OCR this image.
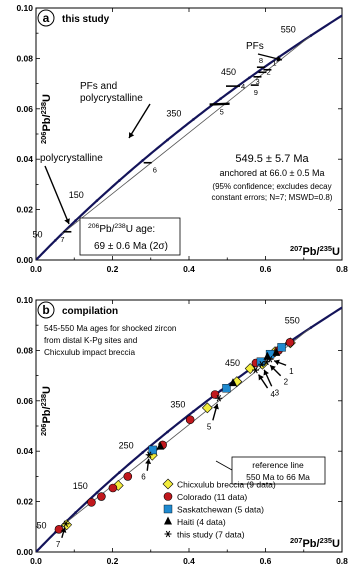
0.0	0.2	0.4	0.6	0.8
0.00
0.02
0.04
0.06
0.08
0.10
$^{207}$Pb/$^{235}$U
$^{206}$Pb/$^{238}$U
a this study
50
150
350
450
550
1
2
3
4
5
6
7
8
9
PFs
PFs and
polycrystalline
polycrystalline	549.5 ± 5.7 Ma
anchored at 66.0 ± 0.5 Ma
(95% confidence; excludes decay
constant errors; N=7; MSWD=0.8)
$^{206}$Pb/$^{238}$U age:
69 ± 0.6 Ma (2σ)
0.0	0.2	0.4	0.6	0.8
0.00
0.02
0.04
0.06
0.08
0.10
$^{207}$Pb/$^{235}$U
$^{206}$Pb/$^{238}$U
b compilation
50
150
250
350
450
550
1
2
3
4
5
6
7
545-550 Ma ages for shocked zircon
from distal K-Pg sites and
Chicxulub impact breccia
reference line
550 Ma to 66 Ma
Chicxulub breccia (9 data)
Colorado (11 data)
Saskatchewan (5 data)
Haiti (4 data)
this study (7 data)
